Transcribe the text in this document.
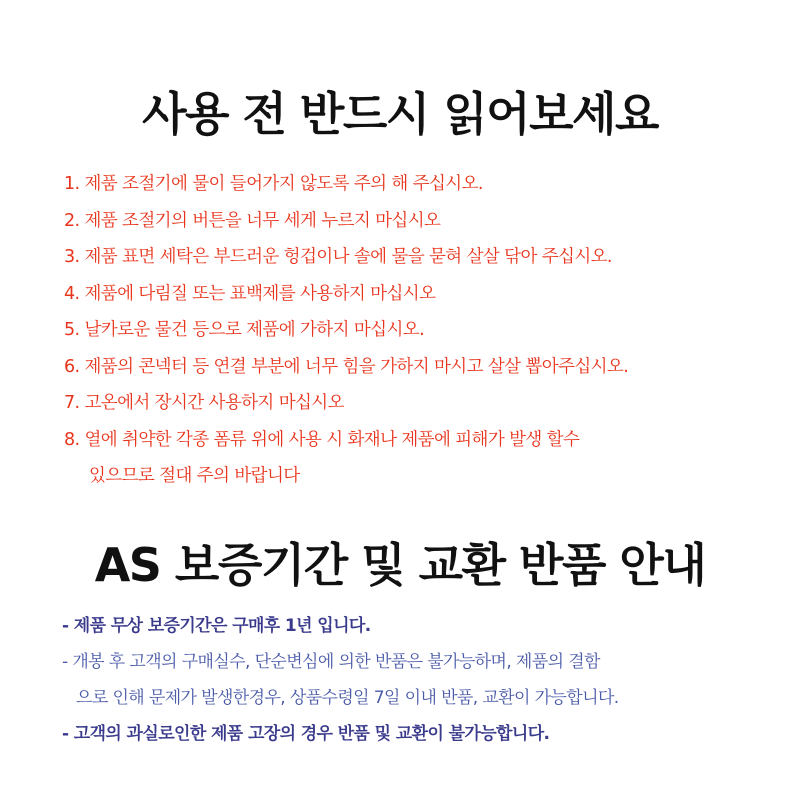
사용 전 반드시 읽어보세요
1. 제품 조절기에 물이 들어가지 않도록 주의 해 주십시오.
2. 제품 조절기의 버튼을 너무 세게 누르지 마십시오
3. 제품 표면 세탁은 부드러운 헝겁이나 솔에 물을 묻혀 살살 닦아 주십시오.
4. 제품에 다림질 또는 표백제를 사용하지 마십시오
5. 날카로운 물건 등으로 제품에 가하지 마십시오.
6. 제품의 콘넥터 등 연결 부분에 너무 힘을 가하지 마시고 살살 뽑아주십시오.
7. 고온에서 장시간 사용하지 마십시오
8. 열에 취약한 각종 폼류 위에 사용 시 화재나 제품에 피해가 발생 할수
있으므로 절대 주의 바랍니다
AS 보증기간 및 교환 반품 안내
- 제품 무상 보증기간은 구매후 1년 입니다.
- 개봉 후 고객의 구매실수, 단순변심에 의한 반품은 불가능하며, 제품의 결함
으로 인해 문제가 발생한경우, 상품수령일 7일 이내 반품, 교환이 가능합니다.
- 고객의 과실로인한 제품 고장의 경우 반품 및 교환이 불가능합니다.
